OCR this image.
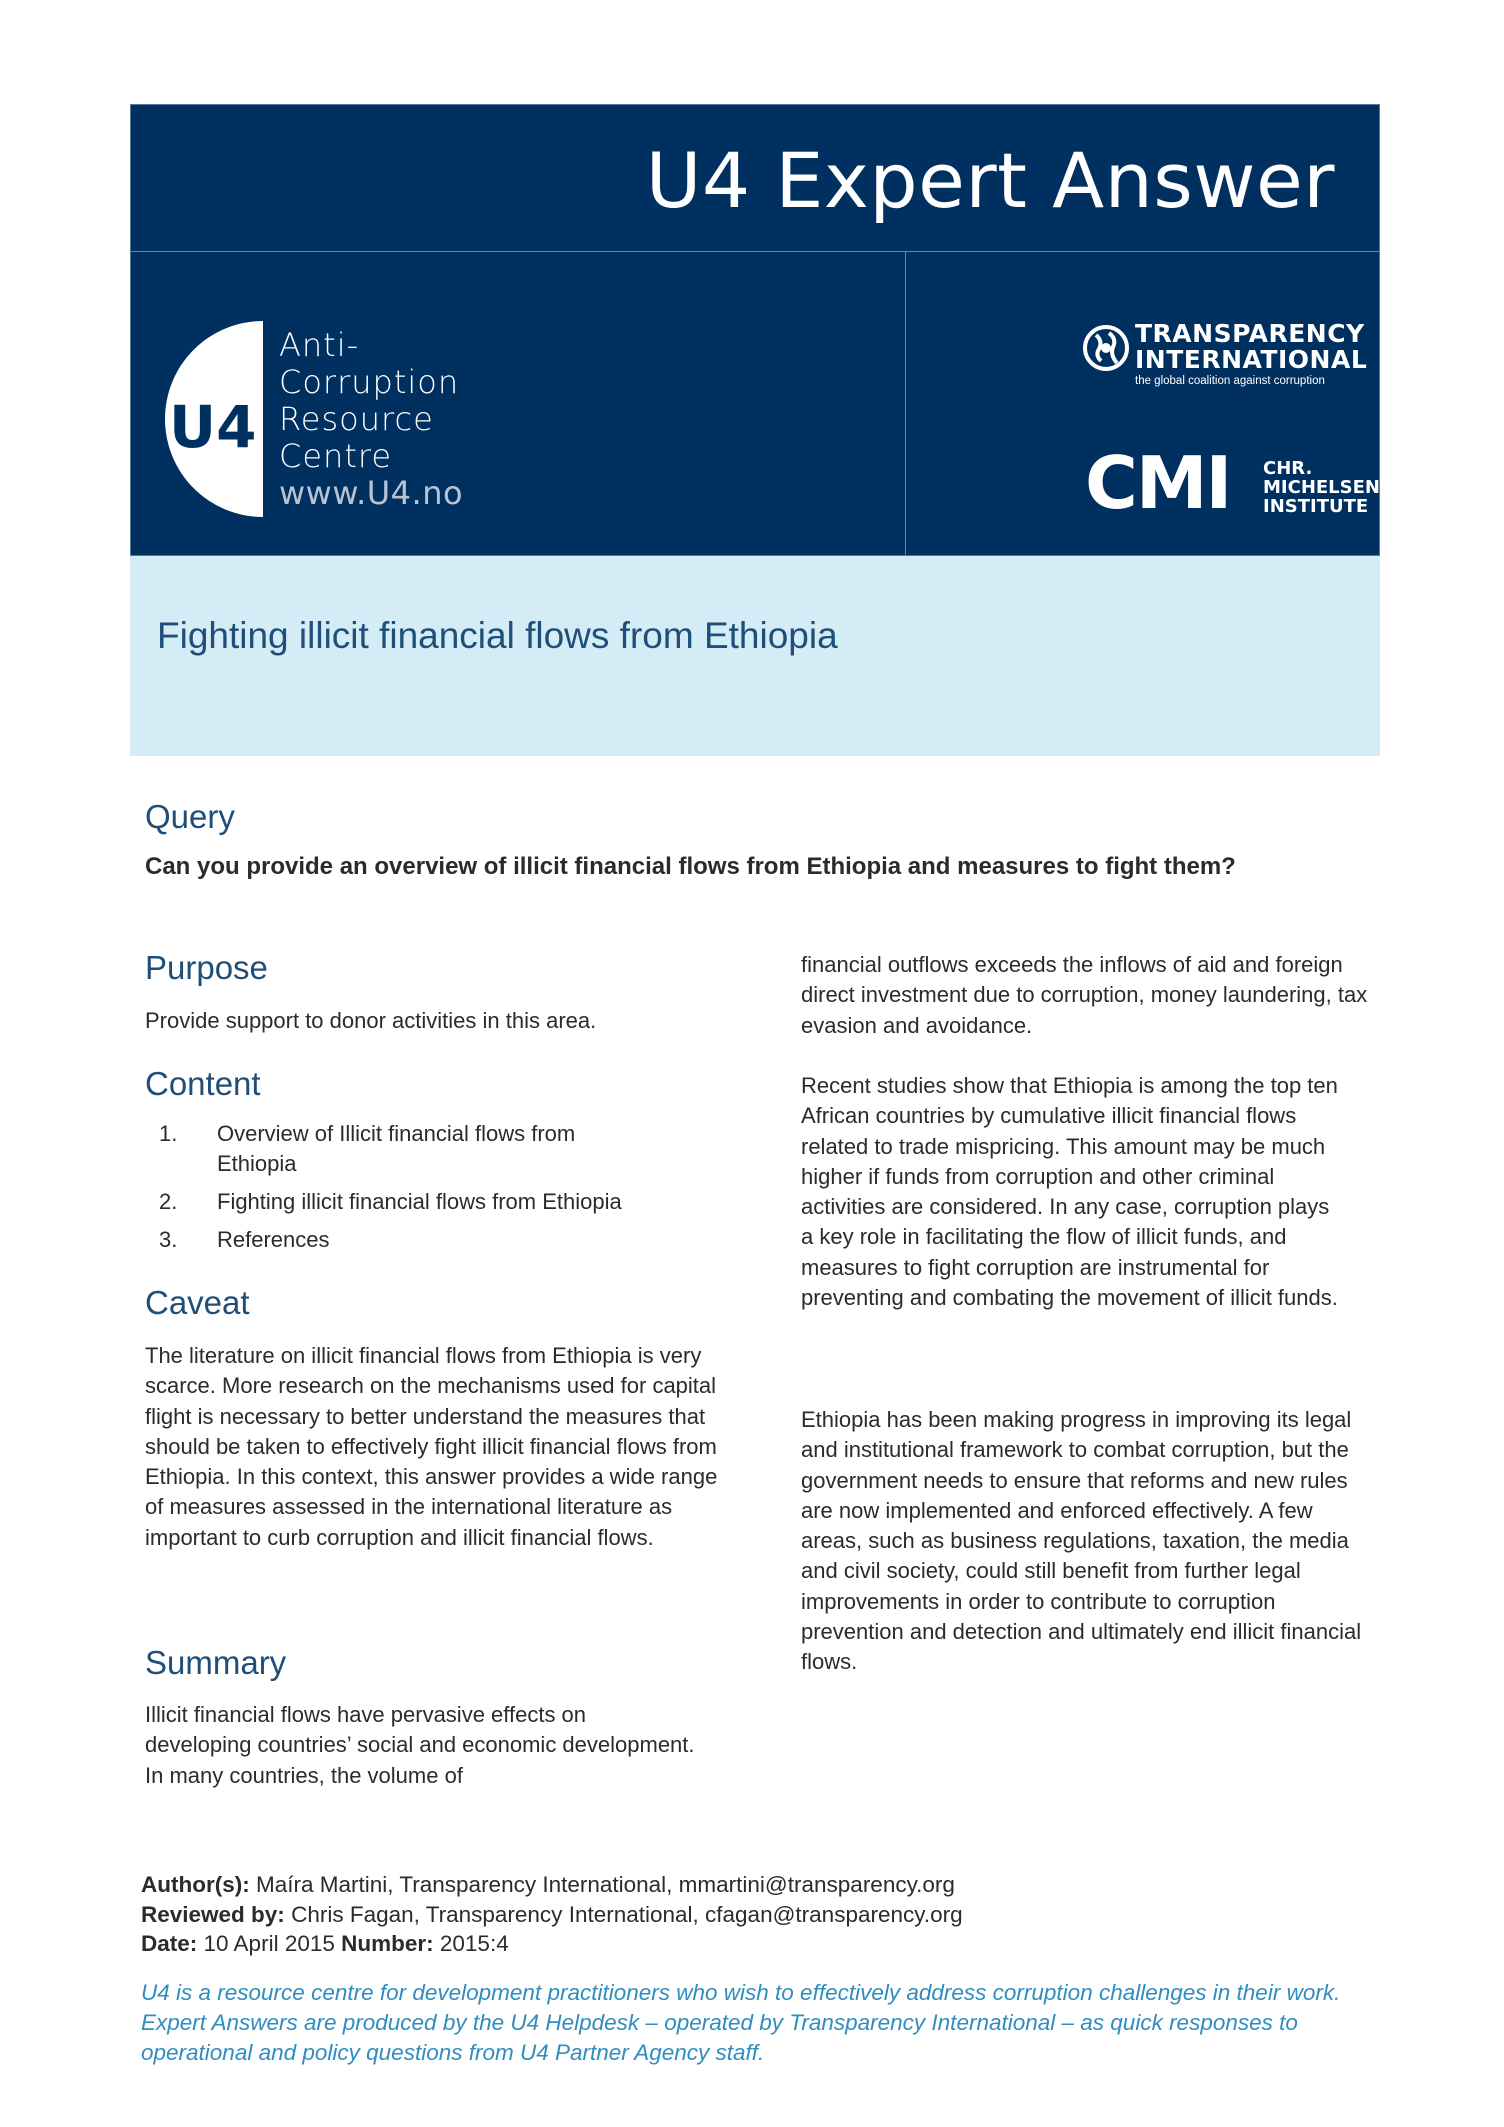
U4 Expert Answer
U4
Anti-
Corruption
Resource
Centre
www.U4.no
TRANSPARENCY
INTERNATIONAL
the global coalition against corruption
CMI CHR.
MICHELSEN
INSTITUTE
Fighting illicit financial flows from Ethiopia
Query

Can you provide an overview of illicit financial flows from Ethiopia and measures to fight them?

Purpose

Provide support to donor activities in this area.

Content
1. Overview of Illicit financial flows from Ethiopia
2. Fighting illicit financial flows from Ethiopia
3. References
Caveat

The literature on illicit financial flows from Ethiopia is very scarce. More research on the mechanisms used for capital flight is necessary to better understand the measures that should be taken to effectively fight illicit financial flows from Ethiopia. In this context, this answer provides a wide range of measures assessed in the international literature as important to curb corruption and illicit financial flows.

Summary

Illicit financial flows have pervasive effects on developing countries’ social and economic development. In many countries, the volume of

financial outflows exceeds the inflows of aid and foreign direct investment due to corruption, money laundering, tax evasion and avoidance.

Recent studies show that Ethiopia is among the top ten African countries by cumulative illicit financial flows related to trade mispricing. This amount may be much higher if funds from corruption and other criminal activities are considered. In any case, corruption plays a key role in facilitating the flow of illicit funds, and measures to fight corruption are instrumental for preventing and combating the movement of illicit funds.

Ethiopia has been making progress in improving its legal and institutional framework to combat corruption, but the government needs to ensure that reforms and new rules are now implemented and enforced effectively. A few areas, such as business regulations, taxation, the media and civil society, could still benefit from further legal improvements in order to contribute to corruption prevention and detection and ultimately end illicit financial flows.

Author(s): Maíra Martini, Transparency International, mmartini@transparency.org
Reviewed by: Chris Fagan, Transparency International, cfagan@transparency.org
Date: 10 April 2015 Number: 2015:4

U4 is a resource centre for development practitioners who wish to effectively address corruption challenges in their work. Expert Answers are produced by the U4 Helpdesk – operated by Transparency International – as quick responses to operational and policy questions from U4 Partner Agency staff.
